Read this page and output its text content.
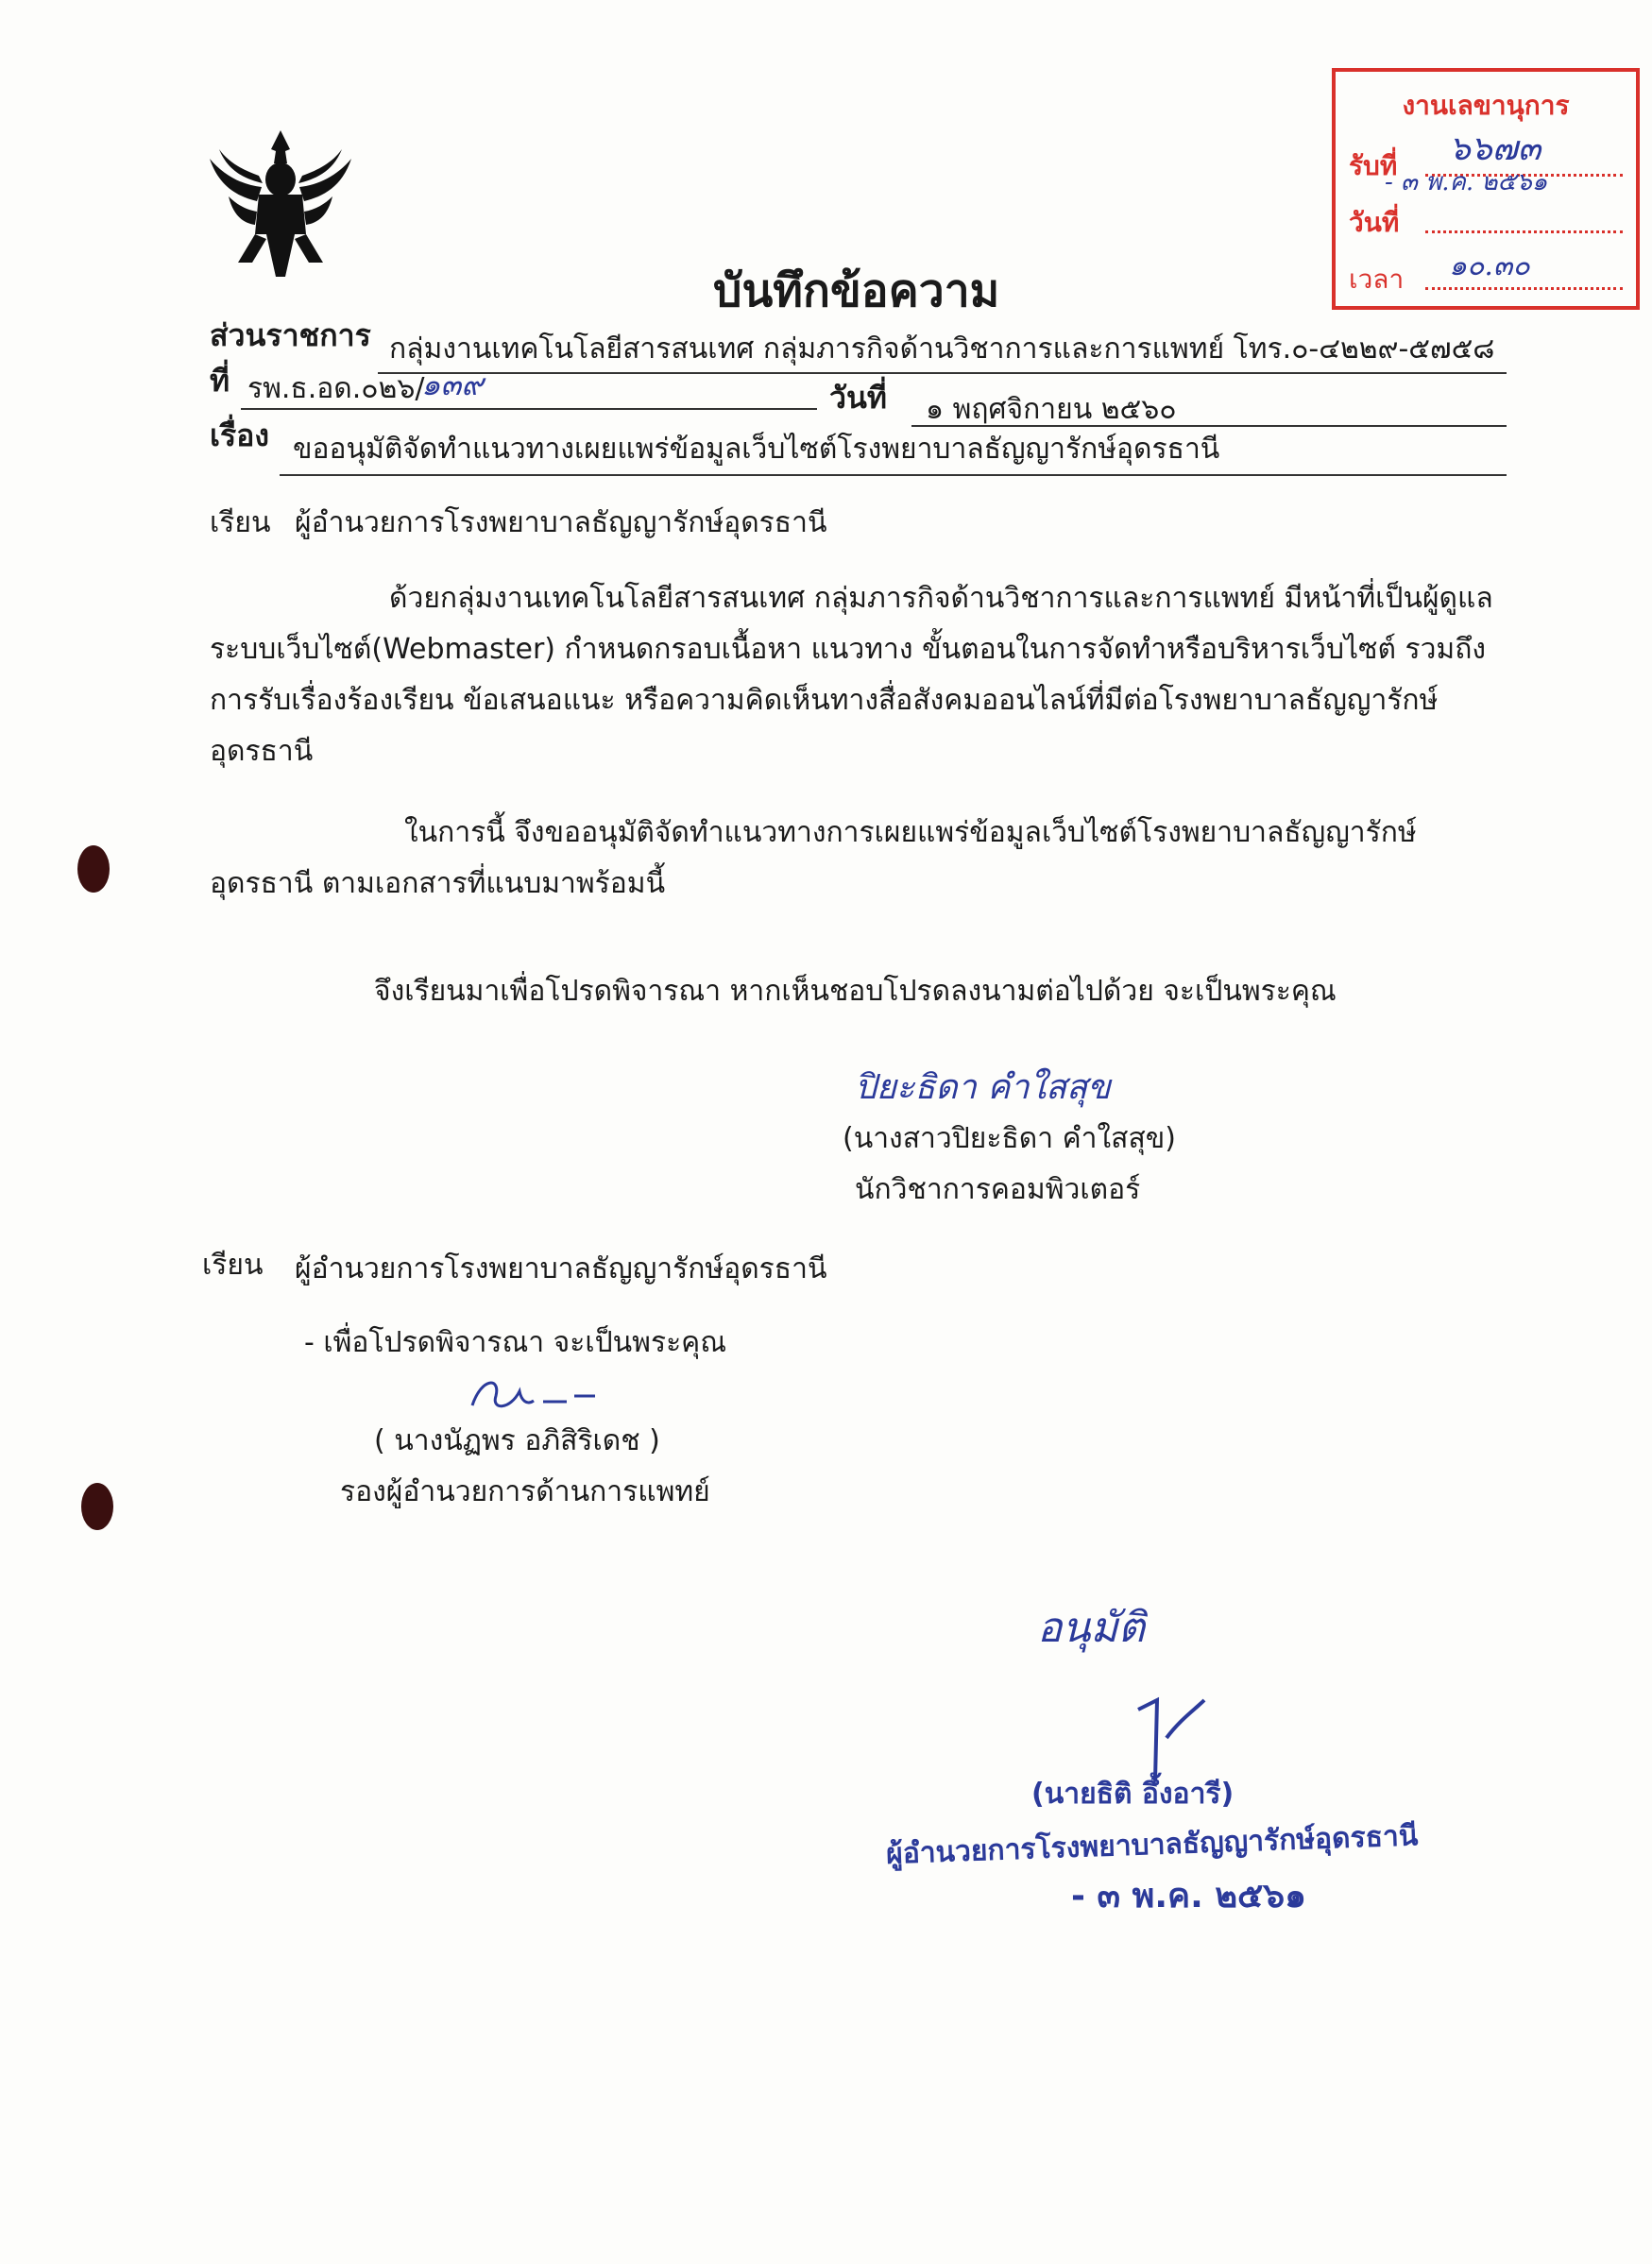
งานเลขานุการ
รับที่ ๖๖๗๓
- ๓ พ.ค. ๒๕๖๑
วันที่
เวลา ๑๐.๓๐
บันทึกข้อความ
ส่วนราชการ กลุ่มงานเทคโนโลยีสารสนเทศ กลุ่มภารกิจด้านวิชาการและการแพทย์ โทร.๐-๔๒๒๙-๕๗๕๘
ที่ รพ.ธ.อด.๐๒๖/
๑๓๙	วันที่ ๑ พฤศจิกายน ๒๕๖๐
เรื่อง ขออนุมัติจัดทำแนวทางเผยแพร่ข้อมูลเว็บไซต์โรงพยาบาลธัญญารักษ์อุดรธานี
เรียน ผู้อำนวยการโรงพยาบาลธัญญารักษ์อุดรธานี
ด้วยกลุ่มงานเทคโนโลยีสารสนเทศ กลุ่มภารกิจด้านวิชาการและการแพทย์ มีหน้าที่เป็นผู้ดูแล
ระบบเว็บไซต์(Webmaster) กำหนดกรอบเนื้อหา แนวทาง ขั้นตอนในการจัดทำหรือบริหารเว็บไซต์ รวมถึง
การรับเรื่องร้องเรียน ข้อเสนอแนะ หรือความคิดเห็นทางสื่อสังคมออนไลน์ที่มีต่อโรงพยาบาลธัญญารักษ์
อุดรธานี
ในการนี้ จึงขออนุมัติจัดทำแนวทางการเผยแพร่ข้อมูลเว็บไซต์โรงพยาบาลธัญญารักษ์
อุดรธานี ตามเอกสารที่แนบมาพร้อมนี้
จึงเรียนมาเพื่อโปรดพิจารณา หากเห็นชอบโปรดลงนามต่อไปด้วย จะเป็นพระคุณ
ปิยะธิดา คำใสสุข
(นางสาวปิยะธิดา คำใสสุข)
นักวิชาการคอมพิวเตอร์
เรียน ผู้อำนวยการโรงพยาบาลธัญญารักษ์อุดรธานี
- เพื่อโปรดพิจารณา จะเป็นพระคุณ
( นางนัฏพร อภิสิริเดช )
รองผู้อำนวยการด้านการแพทย์
อนุมัติ
(นายธิติ อึ้งอารี)
ผู้อำนวยการโรงพยาบาลธัญญารักษ์อุดรธานี
- ๓ พ.ค. ๒๕๖๑
